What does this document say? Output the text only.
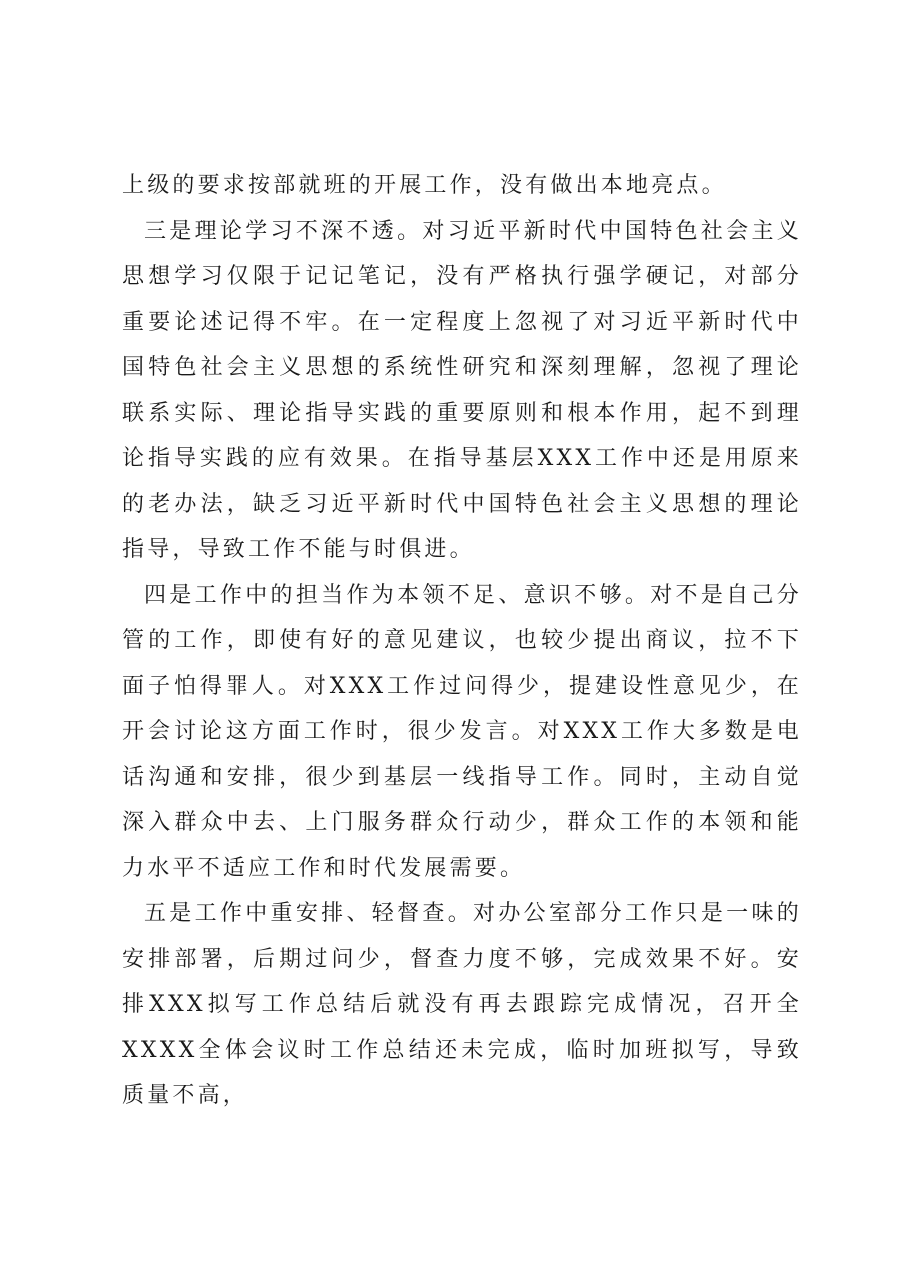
上级的要求按部就班的开展工作，没有做出本地亮点。

三是理论学习不深不透。对习近平新时代中国特色社会主义思想学习仅限于记记笔记，没有严格执行强学硬记，对部分重要论述记得不牢。在一定程度上忽视了对习近平新时代中国特色社会主义思想的系统性研究和深刻理解，忽视了理论联系实际、理论指导实践的重要原则和根本作用，起不到理论指导实践的应有效果。在指导基层XXX工作中还是用原来的老办法，缺乏习近平新时代中国特色社会主义思想的理论指导，导致工作不能与时俱进。

四是工作中的担当作为本领不足、意识不够。对不是自己分管的工作，即使有好的意见建议，也较少提出商议，拉不下面子怕得罪人。对XXX工作过问得少，提建设性意见少，在开会讨论这方面工作时，很少发言。对XXX工作大多数是电话沟通和安排，很少到基层一线指导工作。同时，主动自觉深入群众中去、上门服务群众行动少，群众工作的本领和能力水平不适应工作和时代发展需要。

五是工作中重安排、轻督查。对办公室部分工作只是一味的安排部署，后期过问少，督查力度不够，完成效果不好。安排XXX拟写工作总结后就没有再去跟踪完成情况，召开全XXXX全体会议时工作总结还未完成，临时加班拟写，导致质量不高，
